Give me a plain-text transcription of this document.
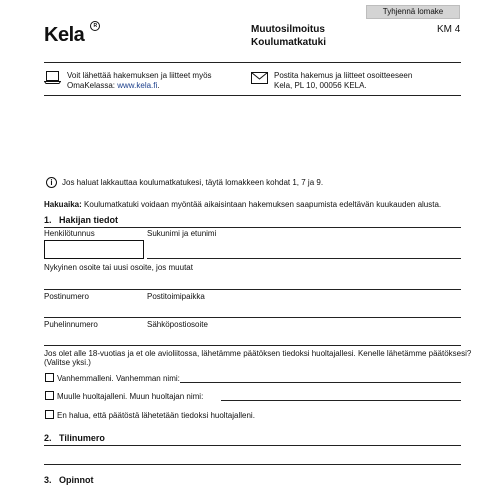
Tyhjennä lomake
Kela	R	Muutosilmoitus
Koulumatkatuki
KM 4
Voit lähettää hakemuksen ja liitteet myös
OmaKelassa: www.kela.fi.
Postita hakemus ja liitteet osoitteeseen
Kela, PL 10, 00056 KELA.
i	Jos haluat lakkauttaa koulumatkatukesi, täytä lomakkeen kohdat 1, 7 ja 9.
Hakuaika: Koulumatkatuki voidaan myöntää aikaisintaan hakemuksen saapumista edeltävän kuukauden alusta.
1. Hakijan tiedot
Henkilötunnus	Sukunimi ja etunimi
Nykyinen osoite tai uusi osoite, jos muutat
Postinumero	Postitoimipaikka
Puhelinnumero	Sähköpostiosoite
Jos olet alle 18-vuotias ja et ole avioliitossa, lähetämme päätöksen tiedoksi huoltajallesi. Kenelle lähetämme päätöksesi?
(Valitse yksi.)
Vanhemmalleni. Vanhemman nimi:
Muulle huoltajalleni. Muun huoltajan nimi:
En halua, että päätöstä lähetetään tiedoksi huoltajalleni.
2. Tilinumero
3. Opinnot
